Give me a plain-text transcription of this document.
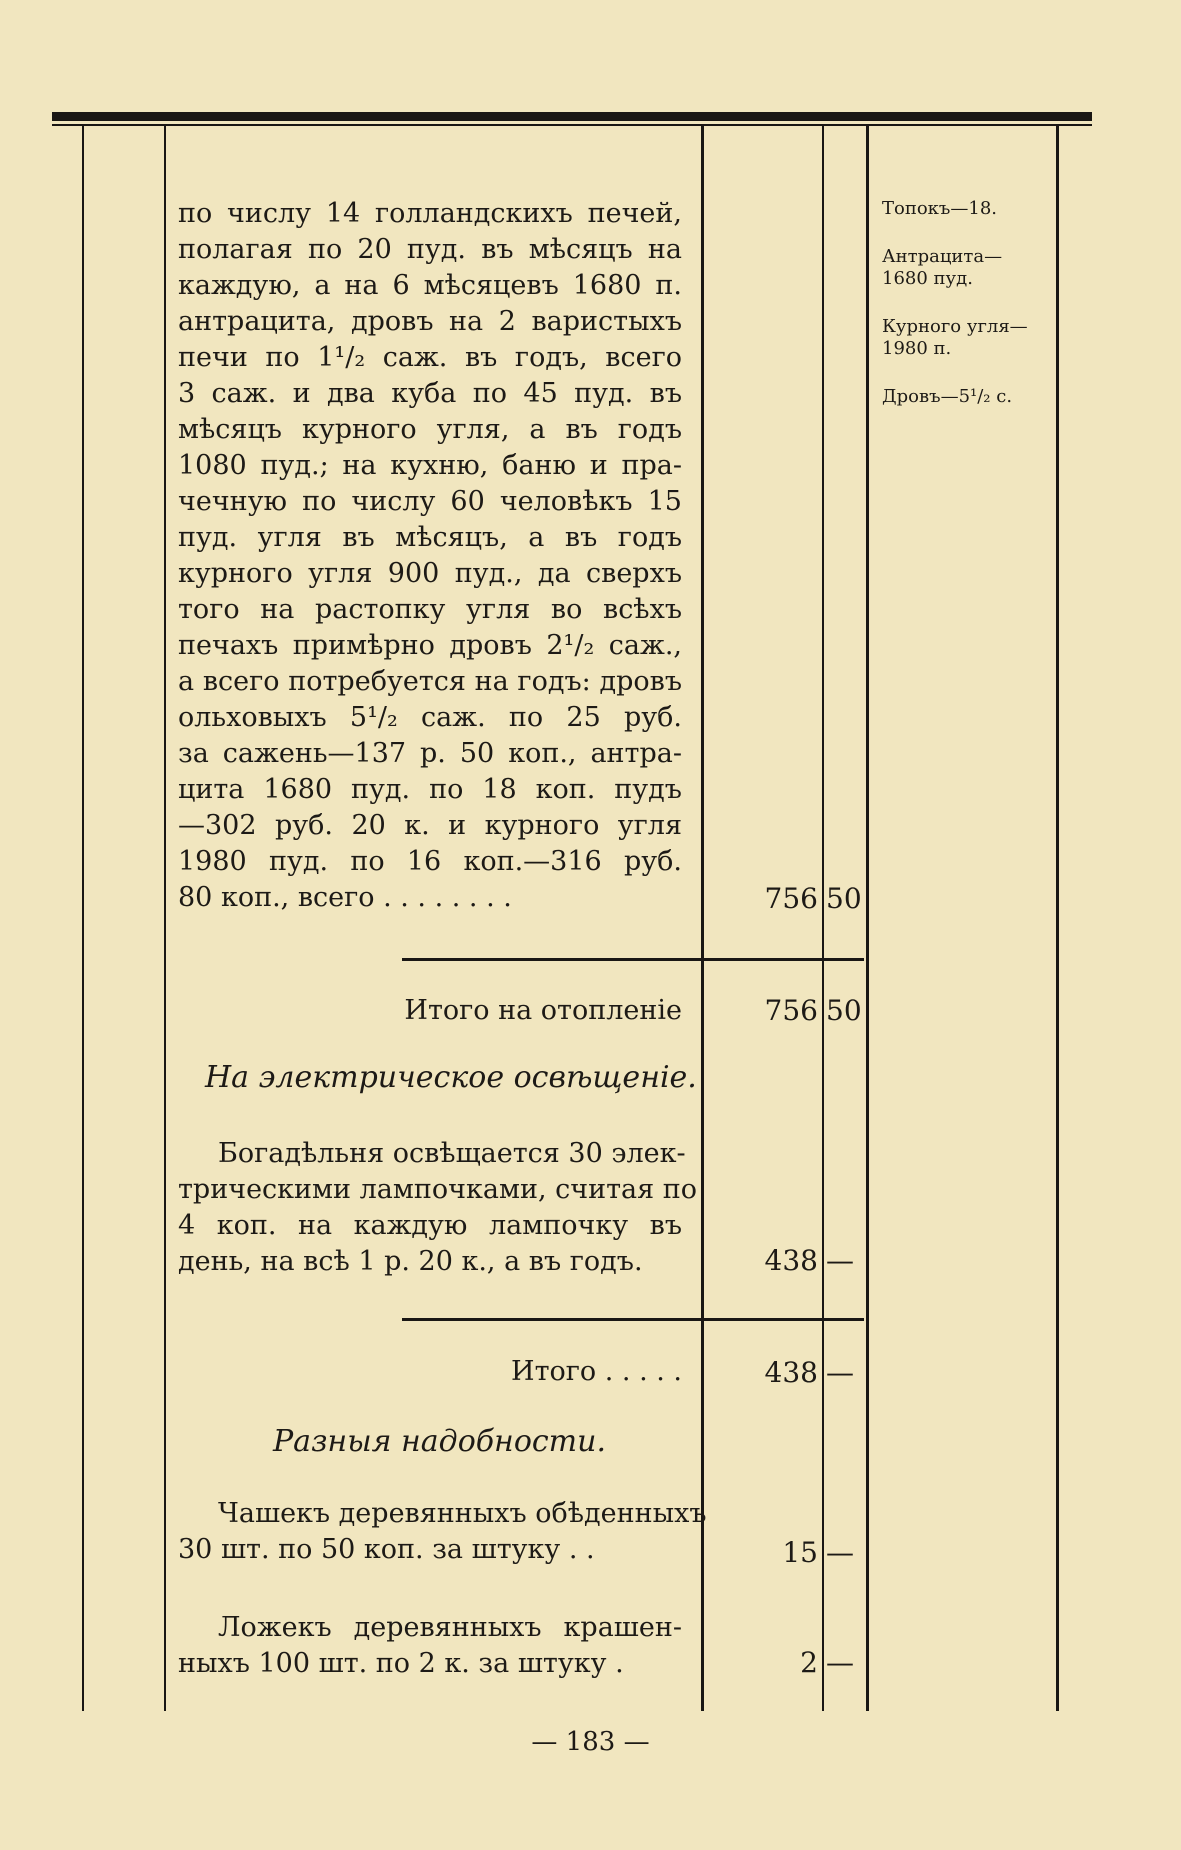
по числу 14 голландскихъ печей,
полагая по 20 пуд. въ мѣсяцъ на
каждую, а на 6 мѣсяцевъ 1680 п.
антрацита, дровъ на 2 варистыхъ
печи по 1¹/₂ саж. въ годъ, всего
3 саж. и два куба по 45 пуд. въ
мѣсяцъ курного угля, а въ годъ
1080 пуд.; на кухню, баню и пра-
чечную по числу 60 человѣкъ 15
пуд. угля въ мѣсяцъ, а въ годъ
курного угля 900 пуд., да сверхъ
того на растопку угля во всѣхъ
печахъ примѣрно дровъ 2¹/₂ саж.,
а всего потребуется на годъ: дровъ
ольховыхъ 5¹/₂ саж. по 25 руб.
за сажень—137 р. 50 коп., антра-
цита 1680 пуд. по 18 коп. пудъ
—302 руб. 20 к. и курного угля
1980 пуд. по 16 коп.—316 руб.
80 коп., всего . . . . . . . .	756 50
Итого на отопленіе	756 50
На электрическое освѣщеніе.
Богадѣльня освѣщается 30 элек-
трическими лампочками, считая по
4 коп. на каждую лампочку въ
день, на всѣ 1 р. 20 к., а въ годъ.	438 —
Итого . . . . .	438 —
Разныя надобности.
Чашекъ деревянныхъ обѣденныхъ
30 шт. по 50 коп. за штуку . .	15 —
Ложекъ деревянныхъ крашен-
ныхъ 100 шт. по 2 к. за штуку .	2 —
Топокъ—18.
Антрацита—
1680 пуд.
Курного угля—
1980 п.
Дровъ—5¹/₂ с.
— 183 —
